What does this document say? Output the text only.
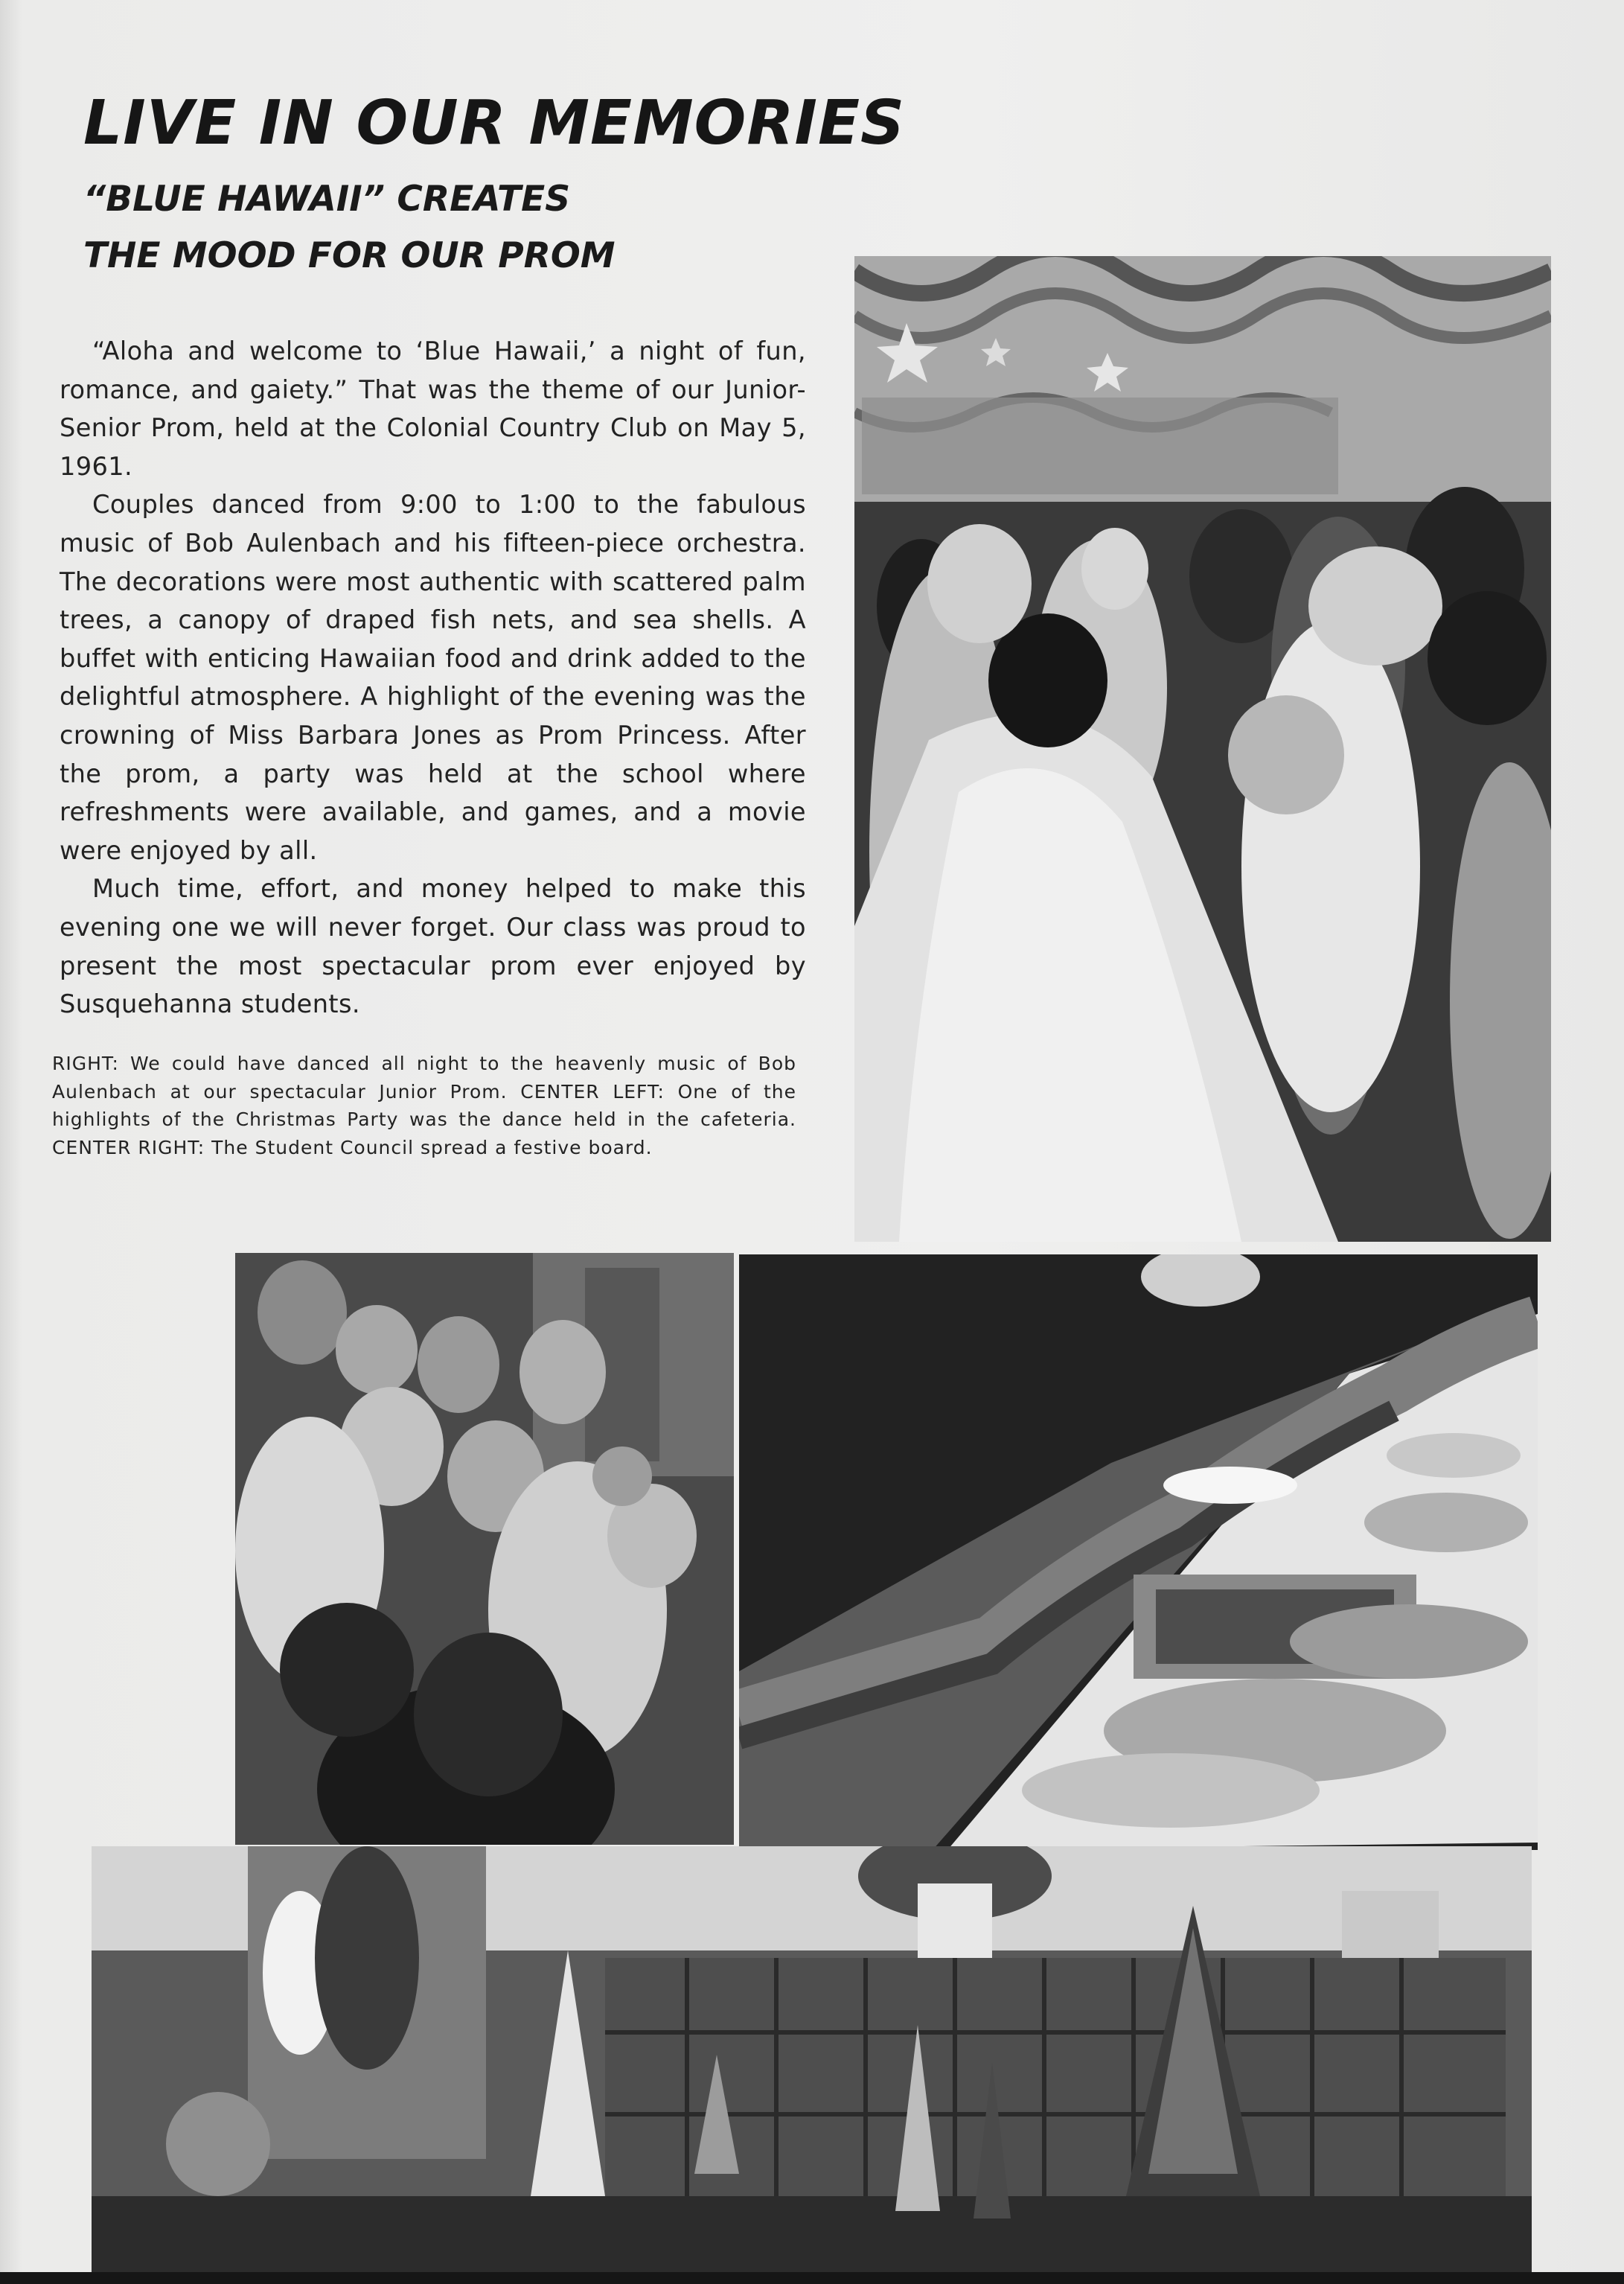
LIVE IN OUR MEMORIES
“BLUE HAWAII” CREATES
THE MOOD FOR OUR PROM

“Aloha and welcome to ‘Blue Hawaii,’ a night of fun, romance, and gaiety.” That was the theme of our Junior-Senior Prom, held at the Colonial Country Club on May 5, 1961.

Couples danced from 9:00 to 1:00 to the fabulous music of Bob Aulenbach and his fifteen-piece orchestra. The decorations were most authentic with scattered palm trees, a canopy of draped fish nets, and sea shells. A buffet with enticing Hawaiian food and drink added to the delightful atmosphere. A highlight of the evening was the crowning of Miss Barbara Jones as Prom Princess. After the prom, a party was held at the school where refreshments were available, and games, and a movie were enjoyed by all.

Much time, effort, and money helped to make this evening one we will never forget. Our class was proud to present the most spectacular prom ever enjoyed by Susquehanna students.

RIGHT: We could have danced all night to the heavenly music of Bob Aulenbach at our spectacular Junior Prom. CENTER LEFT: One of the highlights of the Christmas Party was the dance held in the cafeteria. CENTER RIGHT: The Student Council spread a festive board.
